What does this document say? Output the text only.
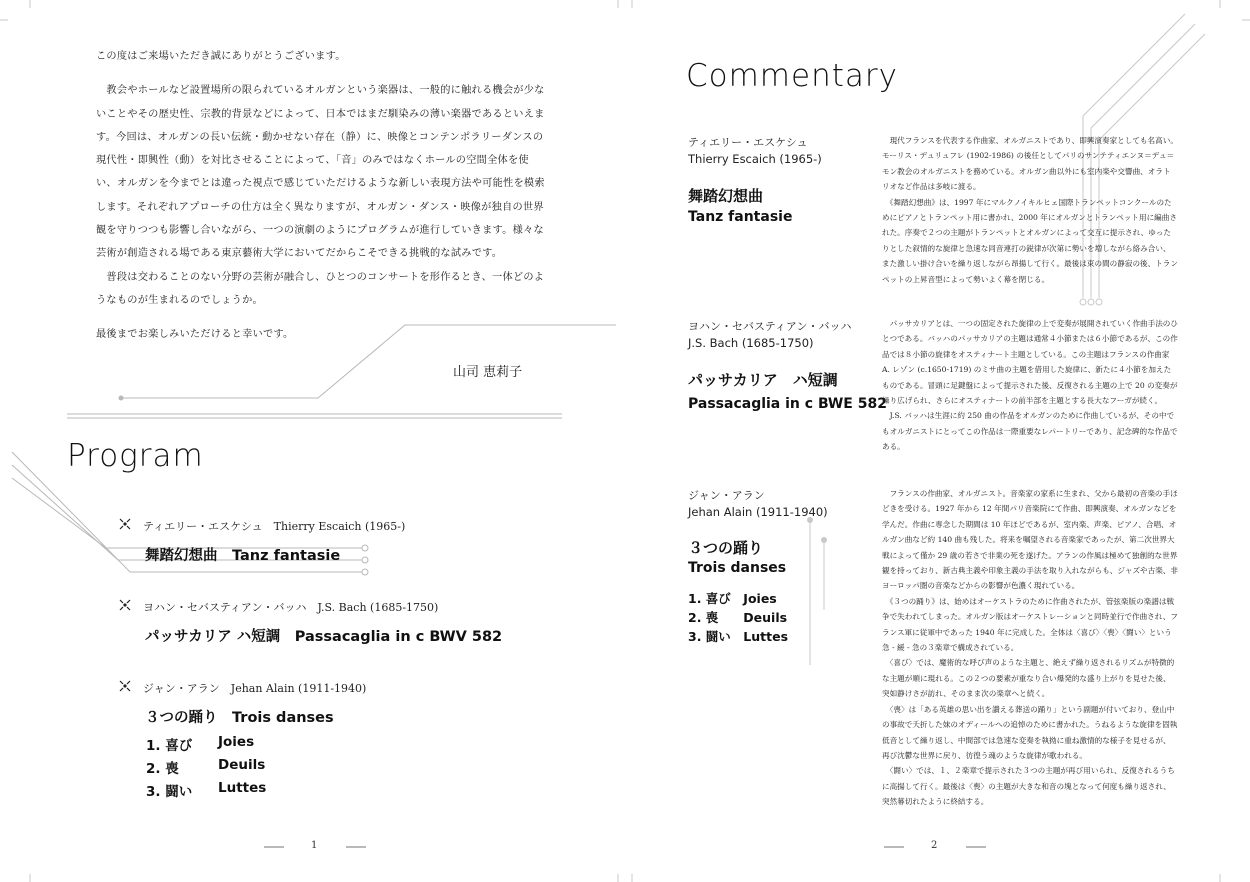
この度はご来場いただき誠にありがとうございます。

　教会やホールなど設置場所の限られているオルガンという楽器は、一般的に触れる機会が少ないことやその歴史性、宗教的背景などによって、日本ではまだ馴染みの薄い楽器であるといえます。今回は、オルガンの長い伝統・動かせない存在（静）に、映像とコンテンポラリーダンスの現代性・即興性（動）を対比させることによって、「音」のみではなくホールの空間全体を使い、オルガンを今までとは違った視点で感じていただけるような新しい表現方法や可能性を模索します。それぞれアプローチの仕方は全く異なりますが、オルガン・ダンス・映像が独自の世界観を守りつつも影響し合いながら、一つの演劇のようにプログラムが進行していきます。様々な芸術が創造される場である東京藝術大学においてだからこそできる挑戦的な試みです。

　普段は交わることのない分野の芸術が融合し、ひとつのコンサートを形作るとき、一体どのようなものが生まれるのでしょうか。

最後までお楽しみいただけると幸いです。

山司 恵莉子
Program
ティエリー・エスケシュ　Thierry Escaich (1965-)
舞踏幻想曲　Tanz fantasie
ヨハン・セバスティアン・バッハ　J.S. Bach (1685-1750)
パッサカリア ハ短調　Passacaglia in c BWV 582
ジャン・アラン　Jehan Alain (1911-1940)
３つの踊り　Trois danses
1. 喜び Joies
2. 喪	Deuils
3. 闘い Luttes
1
Commentary
ティエリー・エスケシュ
Thierry Escaich (1965-)
舞踏幻想曲
Tanz fantasie

　現代フランスを代表する作曲家、オルガニストであり、即興演奏家としても名高い。モーリス・デュリュフレ (1902-1986) の後任としてパリのサンテティエンヌ＝デュ＝モン教会のオルガニストを務めている。オルガン曲以外にも室内楽や交響曲、オラトリオなど作品は多岐に渡る。
　《舞踏幻想曲》は、1997 年にマルクノイキルヒェ国際トランペットコンクールのためにピアノとトランペット用に書かれ、2000 年にオルガンとトランペット用に編曲された。序奏で２つの主題がトランペットとオルガンによって交互に提示され、ゆったりとした叙情的な旋律と急速な同音連打の鋭律が次第に勢いを増しながら絡み合い、また激しい掛け合いを繰り返しながら昂揚して行く。最後は束の間の静寂の後、トランペットの上昇音型によって勢いよく幕を閉じる。

ヨハン・セバスティアン・バッハ
J.S. Bach (1685-1750)
パッサカリア　ハ短調
Passacaglia in c BWE 582

　パッサカリアとは、一つの固定された旋律の上で変奏が展開されていく作曲手法のひとつである。バッハのパッサカリアの主題は通常４小節または６小節であるが、この作品では８小節の旋律をオスティナート主題としている。この主題はフランスの作曲家 A. レゾン (c.1650-1719) のミサ曲の主題を借用した旋律に、新たに４小節を加えたものである。冒頭に足鍵盤によって提示された後、反復される主題の上で 20 の変奏が繰り広げられ、さらにオスティナートの前半部を主題とする長大なフーガが続く。
　J.S. バッハは生涯に約 250 曲の作品をオルガンのために作曲しているが、その中でもオルガニストにとってこの作品は一際重要なレパートリーであり、記念碑的な作品である。

ジャン・アラン
Jehan Alain (1911-1940)
３つの踊り
Trois danses
1. 喜び　Joies
2. 喪　　Deuils
3. 闘い　Luttes

　フランスの作曲家、オルガニスト。音楽家の家系に生まれ、父から最初の音楽の手ほどきを受ける。1927 年から 12 年間パリ音楽院にて作曲、即興演奏、オルガンなどを学んだ。作曲に専念した期間は 10 年ほどであるが、室内楽、声楽、ピアノ、合唱、オルガン曲など約 140 曲も残した。将来を嘱望される音楽家であったが、第二次世界大戦によって僅か 29 歳の若さで非業の死を遂げた。アランの作風は極めて独創的な世界観を持っており、新古典主義や印象主義の手法を取り入れながらも、ジャズや古楽、非ヨーロッパ圏の音楽などからの影響が色濃く現れている。
　《３つの踊り》は、始めはオーケストラのために作曲されたが、管弦楽版の楽譜は戦争で失われてしまった。オルガン版はオーケストレーションと同時並行で作曲され、フランス軍に従軍中であった 1940 年に完成した。全体は〈喜び〉〈喪〉〈闘い〉という急 - 緩 - 急の３楽章で構成されている。
　〈喜び〉では、魔術的な呼び声のような主題と、絶えず繰り返されるリズムが特徴的な主題が順に現れる。この２つの要素が重なり合い爆発的な盛り上がりを見せた後、突如静けさが訪れ、そのまま次の楽章へと続く。
　〈喪〉は「ある英雄の思い出を讃える葬送の踊り」という副題が付いており、登山中の事故で夭折した妹のオディールへの追悼のために書かれた。うねるような旋律を固執低音として繰り返し、中間部では急速な変奏を執拗に重ね激情的な様子を見せるが、再び沈鬱な世界に戻り、彷徨う魂のような旋律が歌われる。
　〈闘い〉では、１、２楽章で提示された３つの主題が再び用いられ、反復されるうちに高揚して行く。最後は〈喪〉の主題が大きな和音の塊となって何度も繰り返され、突然幕切れたように終結する。

2
